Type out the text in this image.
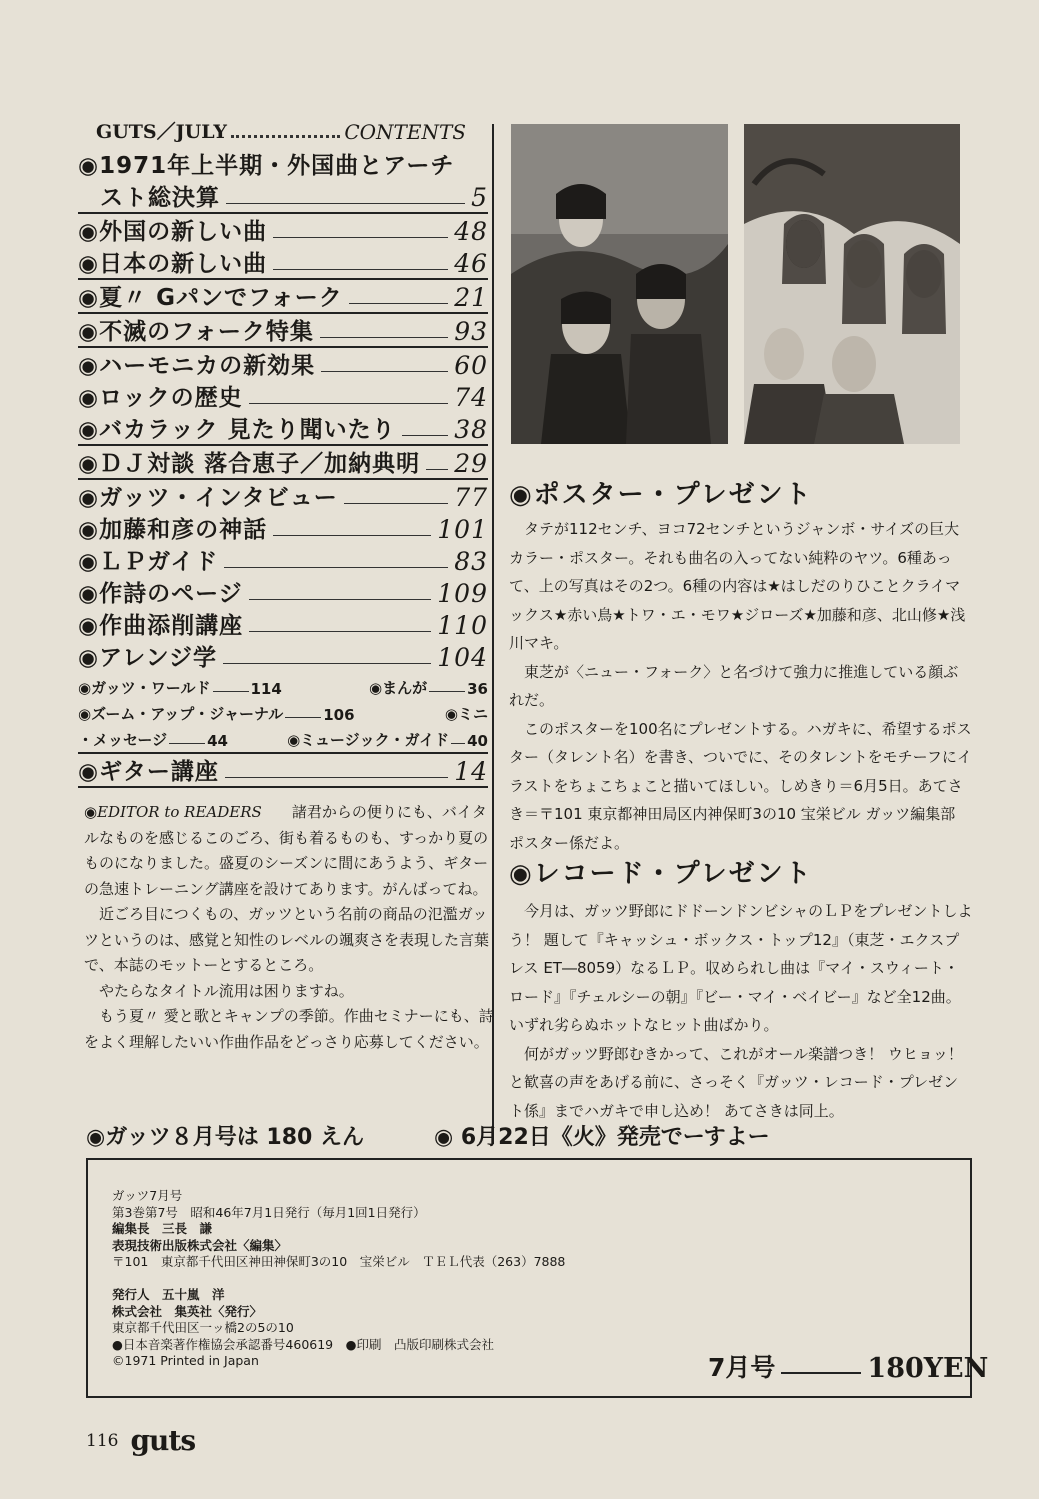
GUTS／JULY	CONTENTS
◉1971年上半期・外国曲とアーチ
スト総決算	5
◉外国の新しい曲	48
◉日本の新しい曲	46
◉夏〃 Gパンでフォーク	21
◉不滅のフォーク特集	93
◉ハーモニカの新効果	60
◉ロックの歴史	74
◉バカラック 見たり聞いたり 38
◉ＤＪ対談 落合恵子／加納典明 29
◉ガッツ・インタビュー	77
◉加藤和彦の神話	101
◉ＬＰガイド	83
◉作詩のページ	109
◉作曲添削講座	110
◉アレンジ学	104
◉ガッツ・ワールド	114	◉まんが	36
◉ズーム・アップ・ジャーナル	106	◉ミニ
・メッセージ	44	◉ミュージック・ガイド 40
◉ギター講座	14

◉EDITOR to READERS　　 諸君からの便りにも、バイタルなものを感じるこのごろ、街も着るものも、すっかり夏のものになりました。盛夏のシーズンに間にあうよう、ギターの急速トレーニング講座を設けてあります。がんばってね。

近ごろ目につくもの、ガッツという名前の商品の氾濫ガッツというのは、感覚と知性のレベルの颯爽さを表現した言葉で、本誌のモットーとするところ。

やたらなタイトル流用は困りますね。

もう夏〃 愛と歌とキャンプの季節。作曲セミナーにも、詩をよく理解したいい作曲作品をどっさり応募してください。

◉ポスター・プレゼント

タテが112センチ、ヨコ72センチというジャンボ・サイズの巨大カラー・ポスター。それも曲名の入ってない純粋のヤツ。6種あって、上の写真はその2つ。6種の内容は★はしだのりひことクライマックス★赤い鳥★トワ・エ・モワ★ジローズ★加藤和彦、北山修★浅川マキ。

東芝が〈ニュー・フォーク〉と名づけて強力に推進している顔ぶれだ。

このポスターを100名にプレゼントする。ハガキに、希望するポスター（タレント名）を書き、ついでに、そのタレントをモチーフにイラストをちょこちょこと描いてほしい。しめきり＝6月5日。あてさき＝〒101 東京都神田局区内神保町3の10 宝栄ビル ガッツ編集部 ポスター係だよ。

◉レコード・プレゼント

今月は、ガッツ野郎にドドーンドンビシャのＬＰをプレゼントしよう！ 題して『キャッシュ・ボックス・トップ12』（東芝・エクスプレス ET―8059）なるＬＰ。収められし曲は『マイ・スウィート・ロード』『チェルシーの朝』『ビー・マイ・ベイビー』など全12曲。いずれ劣らぬホットなヒット曲ばかり。

何がガッツ野郎むきかって、これがオール楽譜つき！ ウヒョッ！ と歓喜の声をあげる前に、さっそく『ガッツ・レコード・プレゼント係』までハガキで申し込め！ あてさきは同上。

◉ガッツ８月号は 180 えん	◉ 6月22日《火》発売でーすよー
ガッツ7月号
第3巻第7号　昭和46年7月1日発行（毎月1回1日発行）
編集長　三長　謙
表現技術出版株式会社〈編集〉
〒101　東京都千代田区神田神保町3の10　宝栄ビル　ＴＥＬ代表（263）7888
発行人　五十嵐　洋
株式会社　集英社〈発行〉
東京都千代田区一ッ橋2の5の10
●日本音楽著作権協会承認番号460619　●印刷　凸版印刷株式会社
©1971 Printed in Japan	7月号	180YEN
116 guts
